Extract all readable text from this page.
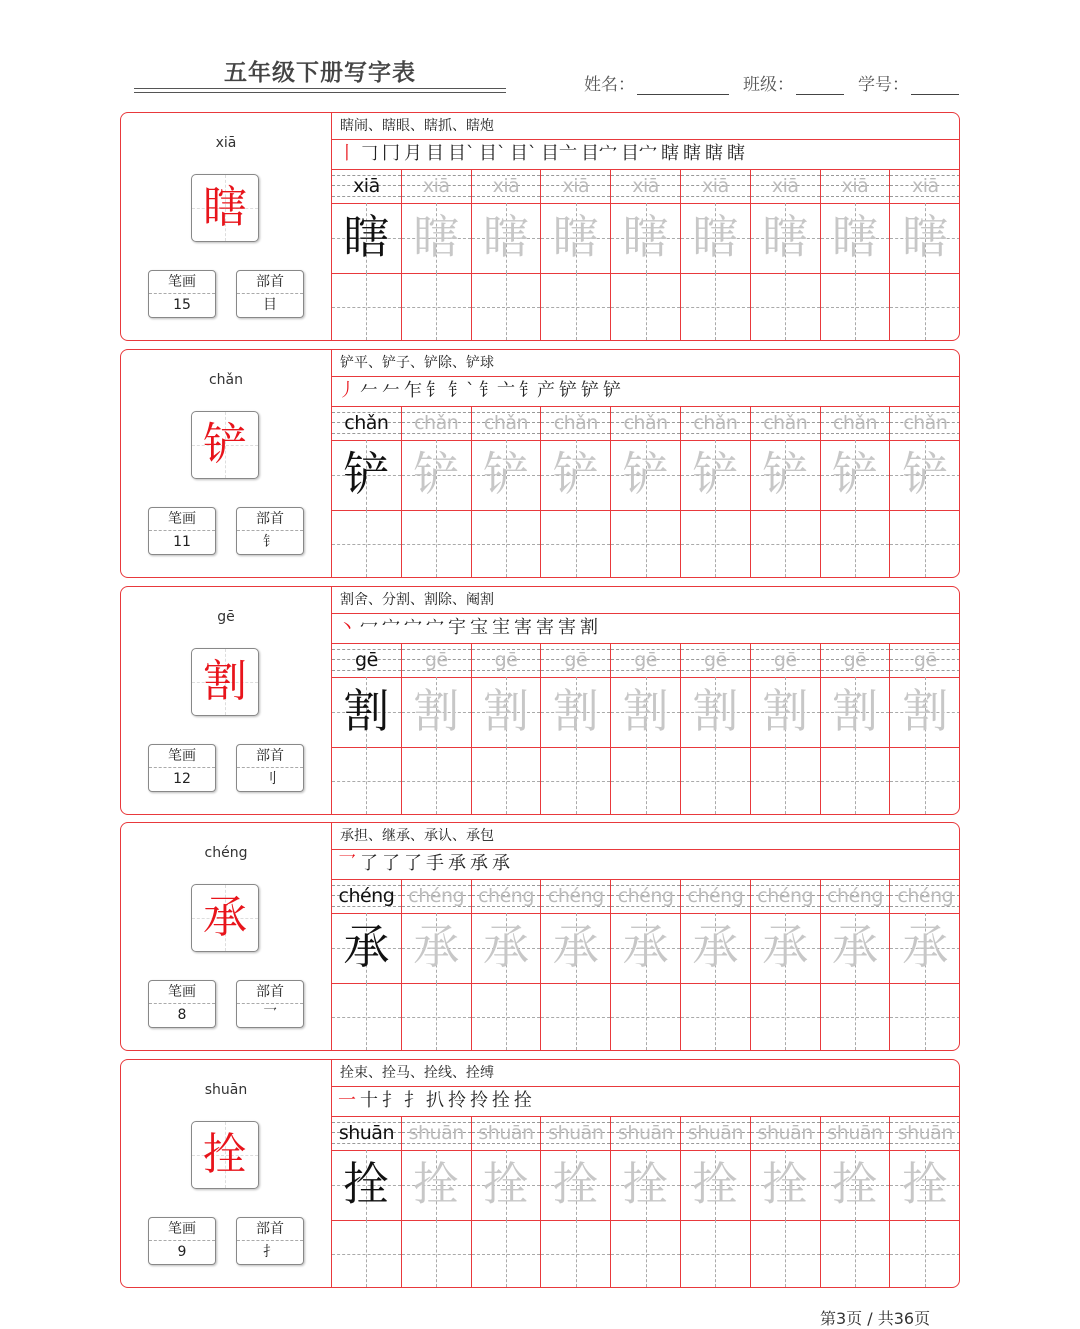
五年级下册写字表	姓名：	班级：	学号：
xiā
瞎
笔画
15
部首
目
瞎闹、瞎眼、瞎抓、瞎炮
丨 𠃌 冂 月 目 目` 目` 目` 目亠 目宀 目宀 瞎 瞎 瞎 瞎
xiā xiā xiā xiā xiā xiā xiā xiā xiā
瞎 瞎 瞎 瞎 瞎 瞎 瞎 瞎 瞎
chǎn
铲
笔画
11
部首
钅
铲平、铲子、铲除、铲球
丿 𠂉 𠂉 乍 钅 钅` 钅亠 钅产 铲 铲 铲
chǎn chǎn chǎn chǎn chǎn chǎn chǎn chǎn chǎn
铲 铲 铲 铲 铲 铲 铲 铲 铲
gē
割
笔画
12
部首
刂
割舍、分割、割除、阉割
丶 冖 宀 宀 宀 宇 宝 宔 害 害 害 割
gē gē gē gē gē gē gē gē	gē
割 割 割 割 割 割 割 割 割
chéng
承
笔画
8
部首
乛
承担、继承、承认、承包
乛 了 了 了 手 承 承 承
chéng chéng chéng chéng chéng chéng chéng chéng chéng
承 承 承 承 承 承 承 承 承
shuān
拴
笔画
9
部首
扌
拴束、拴马、拴线、拴缚
一 十 扌 扌 扒 拎 拎 拴 拴
shuān shuān shuān shuān shuān shuān shuān shuān shuān
拴 拴 拴 拴 拴 拴 拴 拴 拴
第3页 / 共36页
